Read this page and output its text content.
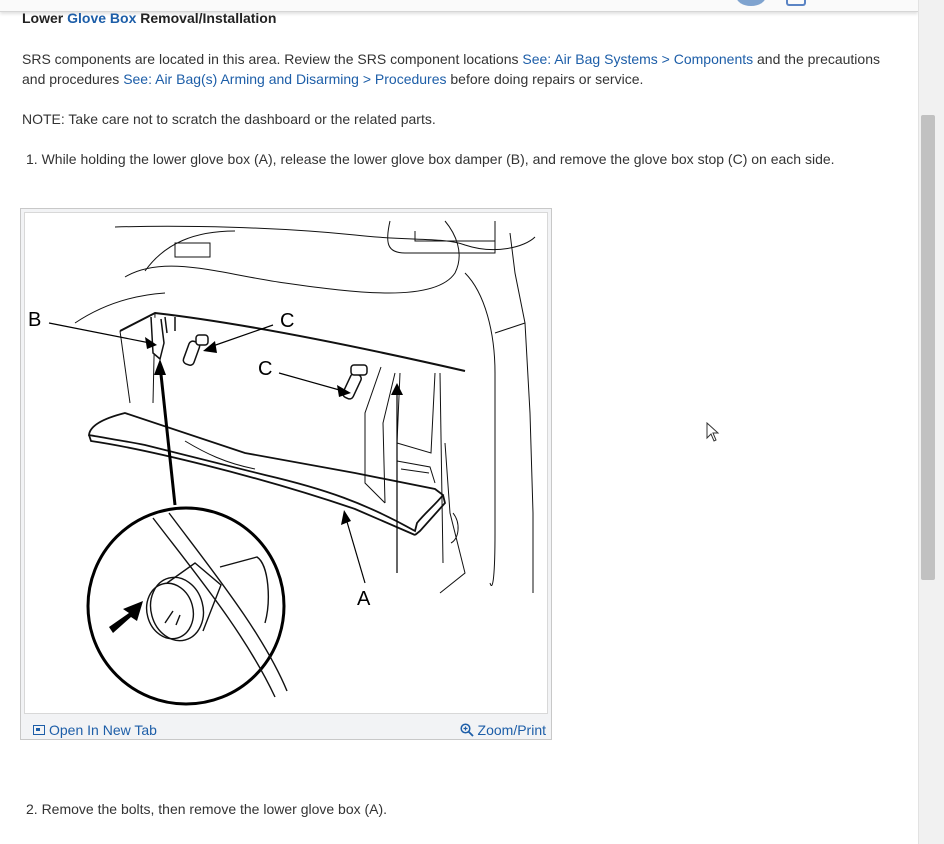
Lower Glove Box Removal/Installation
SRS components are located in this area. Review the SRS component locations See: Air Bag Systems > Components and the precautions and procedures See: Air Bag(s) Arming and Disarming > Procedures before doing repairs or service.
NOTE: Take care not to scratch the dashboard or the related parts.
1. While holding the lower glove box (A), release the lower glove box damper (B), and remove the glove box stop (C) on each side.
B	C
C
A
Open In New Tab	Zoom/Print
2. Remove the bolts, then remove the lower glove box (A).
